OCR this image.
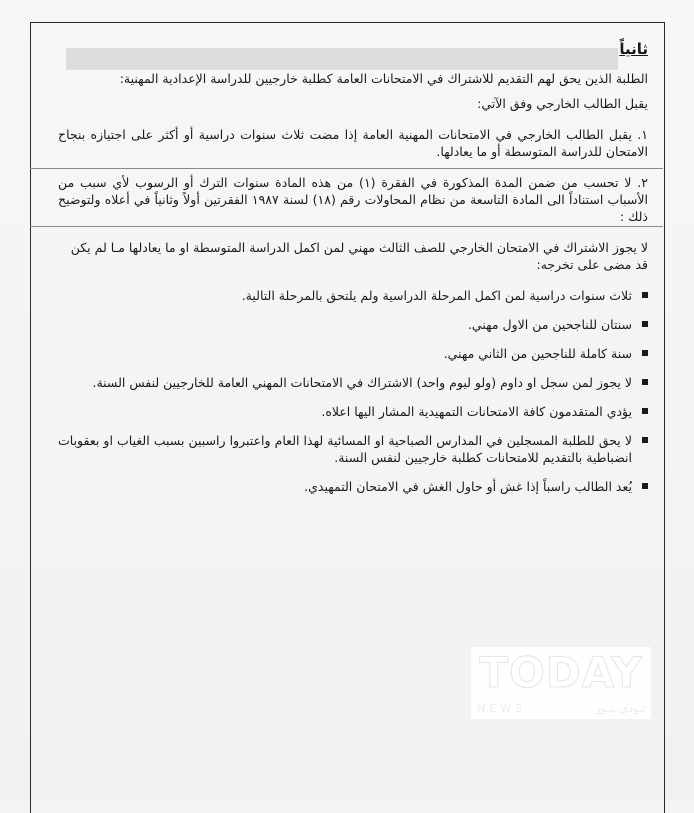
ثانياً

الطلبة الذين يحق لهم التقديم للاشتراك في الامتحانات العامة كطلبة خارجيين للدراسة الإعدادية المهنية:

يقبل الطالب الخارجي وفق الآتي:

١. يقبل الطالب الخارجي في الامتحانات المهنية العامة إذا مضت ثلاث سنوات دراسية أو أكثر على اجتيازه بنجاح الامتحان للدراسة المتوسطة أو ما يعادلها.
٢. لا تحسب من ضمن المدة المذكورة في الفقرة (١) من هذه المادة سنوات الترك أو الرسوب لأي سبب من الأسباب استناداً الى المادة التاسعة من نظام المحاولات رقم (١٨) لسنة ١٩٨٧ الفقرتين أولاً وثانياً في أعلاه ولتوضيح ذلك :

لا يجوز الاشتراك في الامتحان الخارجي للصف الثالث مهني لمن اكمل الدراسة المتوسطة او ما يعادلها مـا لم يكن قد مضى على تخرجه:

ثلاث سنوات دراسية لمن اكمل المرحلة الدراسية ولم يلتحق بالمرحلة التالية.
سنتان للناجحين من الاول مهني.
سنة كاملة للناجحين من الثاني مهني.
لا يجوز لمن سجل او داوم (ولو ليوم واحد) الاشتراك في الامتحانات المهني العامة للخارجيين لنفس السنة.
يؤدي المتقدمون كافة الامتحانات التمهيدية المشار اليها اعلاه.
لا يحق للطلبة المسجلين في المدارس الصباحية او المسائية لهذا العام واعتبروا راسبين بسبب الغياب او بعقوبات انضباطية بالتقديم للامتحانات كطلبة خارجيين لنفس السنة.
يُعد الطالب راسباً إذا غش أو حاول الغش في الامتحان التمهيدي.
TODAY
NEWS	تـودي نيـوز
